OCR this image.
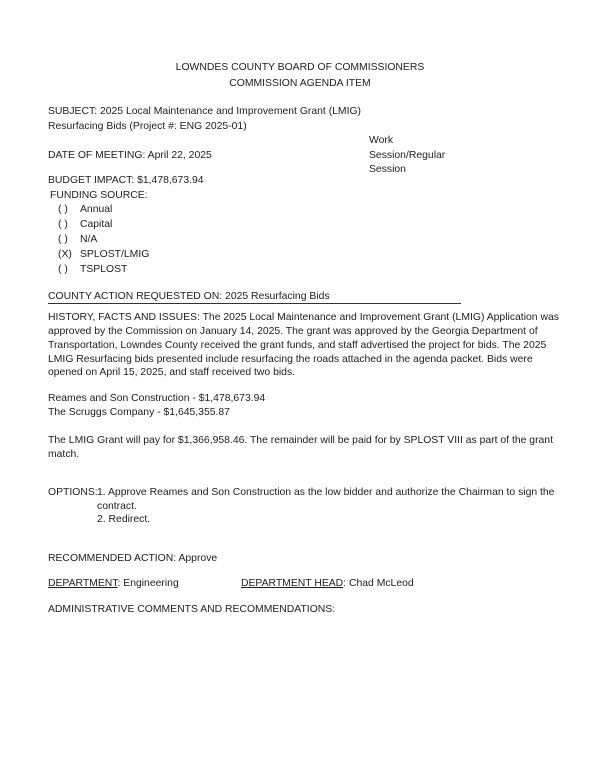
LOWNDES COUNTY BOARD OF COMMISSIONERS
COMMISSION AGENDA ITEM
SUBJECT: 2025 Local Maintenance and Improvement Grant (LMIG)
Resurfacing Bids (Project #: ENG 2025-01)
Work
Session/Regular
Session
DATE OF MEETING: April 22, 2025
BUDGET IMPACT: $1,478,673.94
FUNDING SOURCE:
( ) Annual
( ) Capital
( ) N/A
(X) SPLOST/LMIG
( ) TSPLOST
COUNTY ACTION REQUESTED ON: 2025 Resurfacing Bids
HISTORY, FACTS AND ISSUES: The 2025 Local Maintenance and Improvement Grant (LMIG) Application was
approved by the Commission on January 14, 2025. The grant was approved by the Georgia Department of
Transportation, Lowndes County received the grant funds, and staff advertised the project for bids. The 2025
LMIG Resurfacing bids presented include resurfacing the roads attached in the agenda packet. Bids were
opened on April 15, 2025, and staff received two bids.
Reames and Son Construction - $1,478,673.94
The Scruggs Company - $1,645,355.87
The LMIG Grant will pay for $1,366,958.46. The remainder will be paid for by SPLOST VIII as part of the grant
match.
OPTIONS: 1. Approve Reames and Son Construction as the low bidder and authorize the Chairman to sign the
contract.
2. Redirect.
RECOMMENDED ACTION: Approve
DEPARTMENT: Engineering	DEPARTMENT HEAD: Chad McLeod
ADMINISTRATIVE COMMENTS AND RECOMMENDATIONS:
